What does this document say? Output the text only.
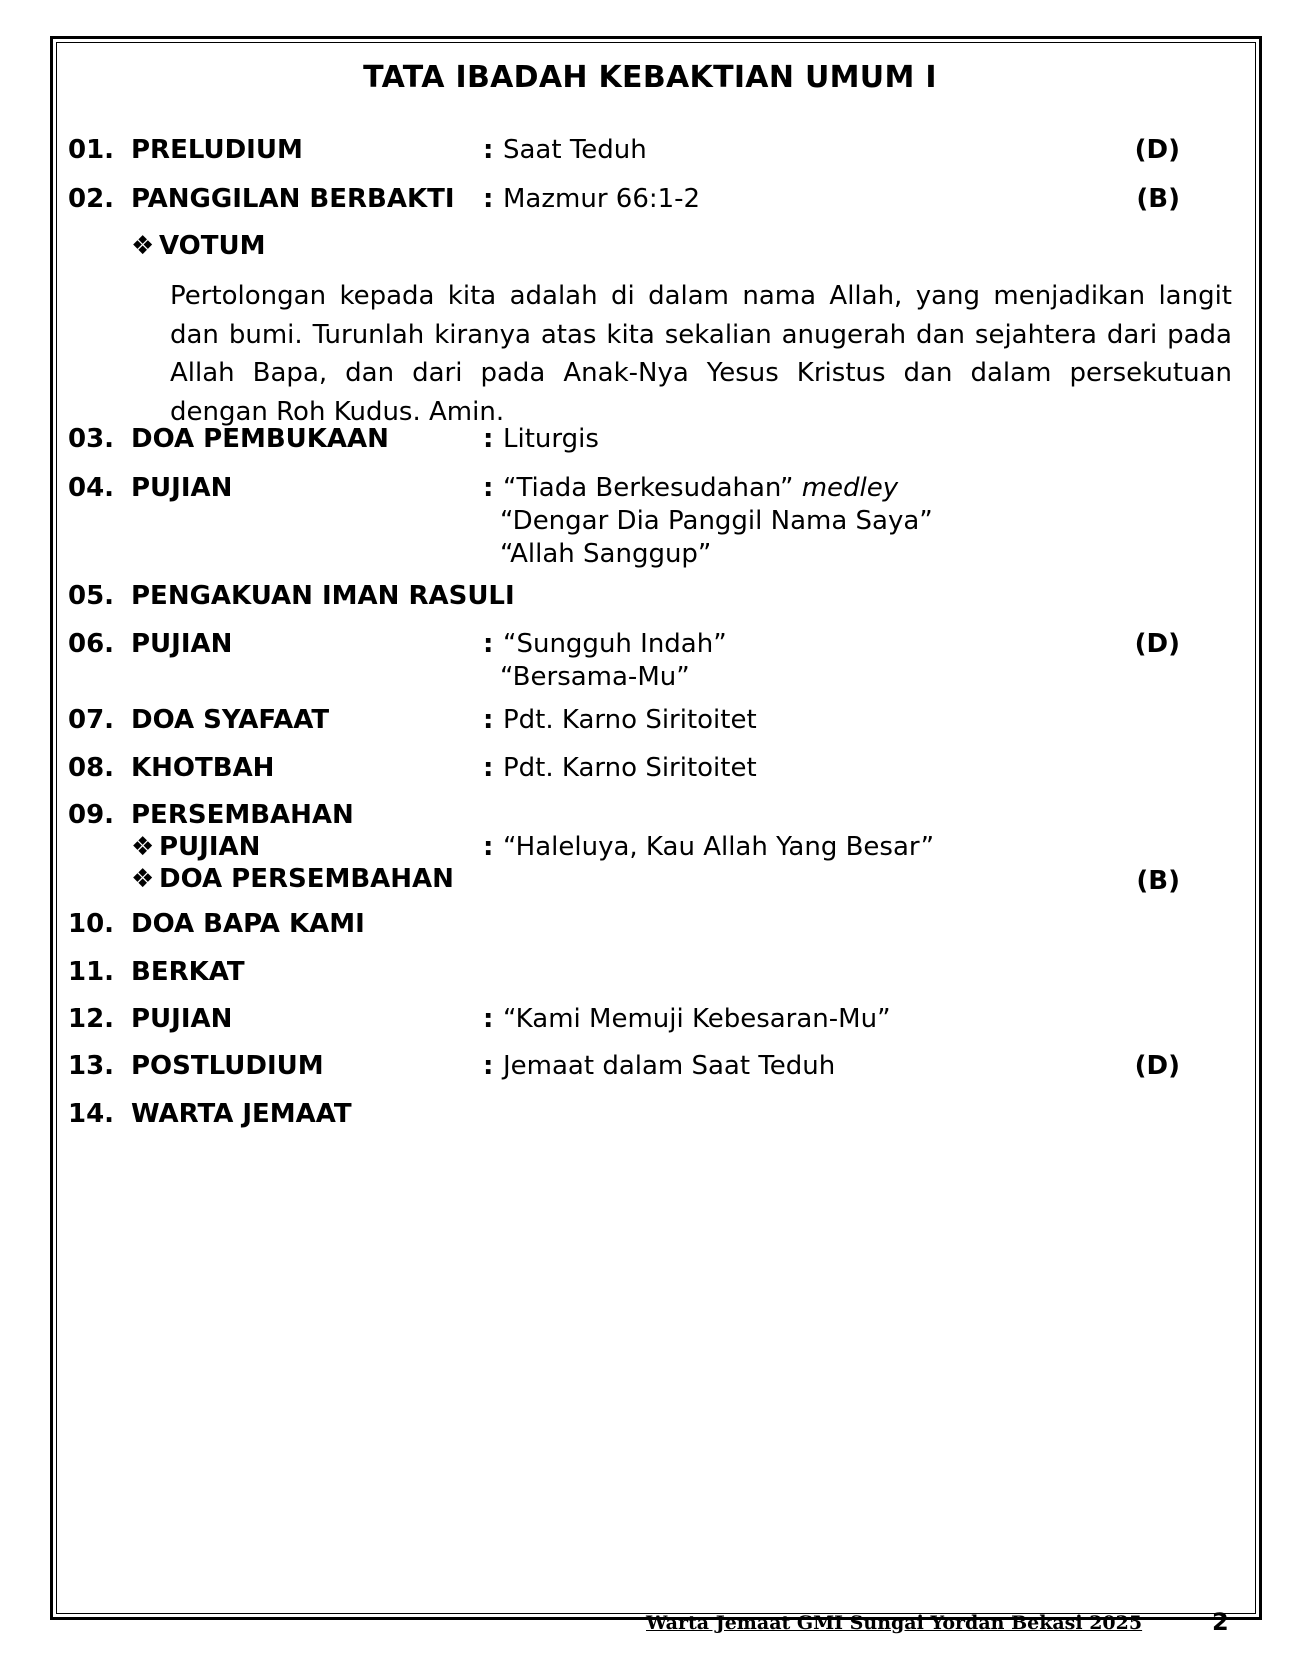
TATA IBADAH KEBAKTIAN UMUM I
01. PRELUDIUM	: Saat Teduh	(D)
02. PANGGILAN BERBAKTI : Mazmur 66:1-2	(B)
❖ VOTUM
Pertolongan kepada kita adalah di dalam nama Allah, yang menjadikan langit dan bumi. Turunlah kiranya atas kita sekalian anugerah dan sejahtera dari pada Allah Bapa, dan dari pada Anak-Nya Yesus Kristus dan dalam persekutuan dengan Roh Kudus. Amin.
03. DOA PEMBUKAAN	: Liturgis
04. PUJIAN	: “Tiada Berkesudahan” medley
“Dengar Dia Panggil Nama Saya”
“Allah Sanggup”
05. PENGAKUAN IMAN RASULI
06. PUJIAN	: “Sungguh Indah”	(D)
“Bersama-Mu”
07. DOA SYAFAAT	: Pdt. Karno Siritoitet
08. KHOTBAH	: Pdt. Karno Siritoitet
09. PERSEMBAHAN
❖ PUJIAN	: “Haleluya, Kau Allah Yang Besar”
❖ DOA PERSEMBAHAN	(B)
10. DOA BAPA KAMI
11. BERKAT
12. PUJIAN	: “Kami Memuji Kebesaran-Mu”
13. POSTLUDIUM	: Jemaat dalam Saat Teduh	(D)
14. WARTA JEMAAT
Warta Jemaat GMI Sungai Yordan Bekasi 2025	2
